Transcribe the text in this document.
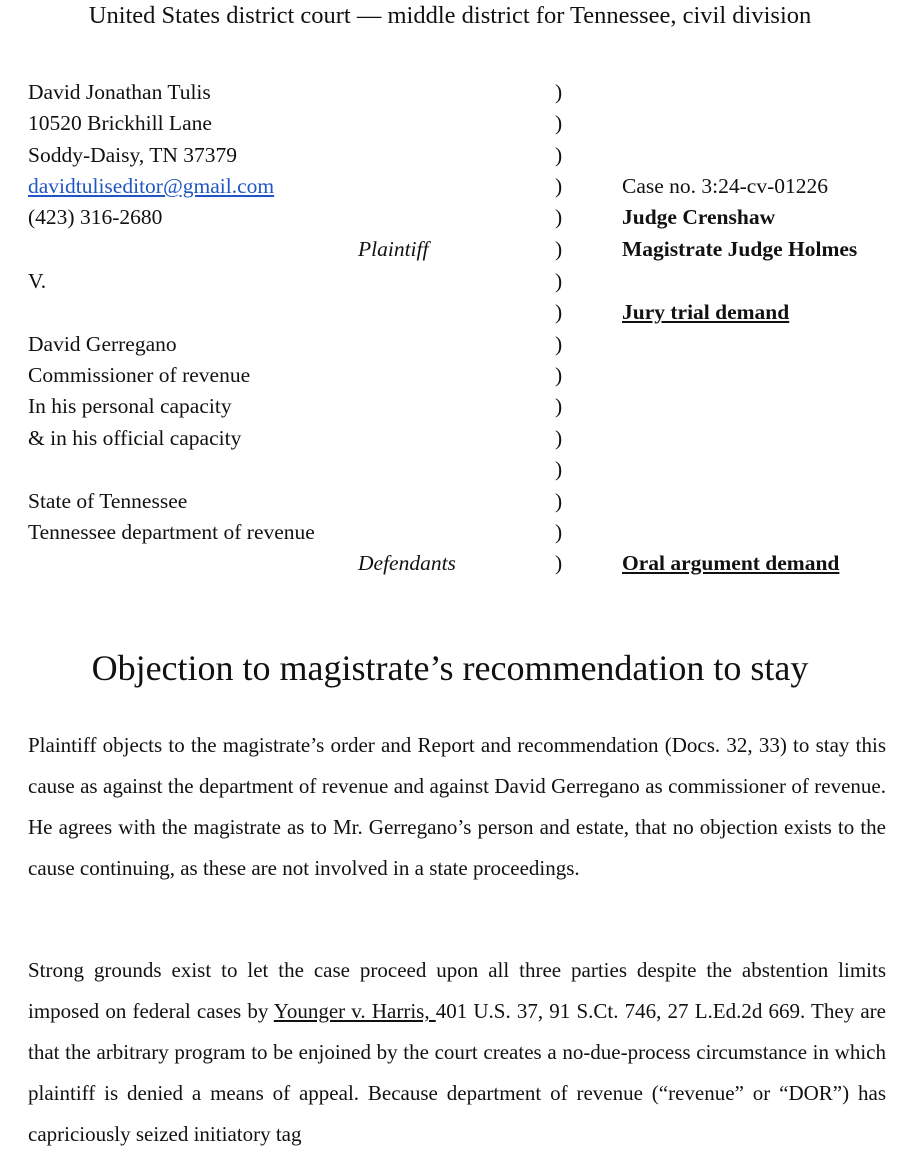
United States district court — middle district for Tennessee, civil division
David Jonathan Tulis
10520 Brickhill Lane
Soddy-Daisy, TN 37379
davidtuliseditor@gmail.com
(423) 316-2680
Plaintiff
V.
David Gerregano
Commissioner of revenue
In his personal capacity
& in his official capacity
State of Tennessee
Tennessee department of revenue
Defendants
)
)
)
)
)
)
)
)
)
)
)
)
)
)
)
)
Case no. 3:24-cv-01226
Judge Crenshaw
Magistrate Judge Holmes
Jury trial demand
Oral argument demand
Objection to magistrate’s recommendation to stay

Plaintiff objects to the magistrate’s order and Report and recommendation (Docs. 32, 33) to stay this cause as against the department of revenue and against David Gerregano as commissioner of revenue. He agrees with the magistrate as to Mr. Gerregano’s person and estate, that no objection exists to the cause continuing, as these are not involved in a state proceedings.

Strong grounds exist to let the case proceed upon all three parties despite the abstention limits imposed on federal cases by Younger v. Harris, 401 U.S. 37, 91 S.Ct. 746, 27 L.Ed.2d 669. They are that the arbitrary program to be enjoined by the court creates a no-due-process circumstance in which plaintiff is denied a means of appeal. Because department of revenue (“revenue” or “DOR”) has capriciously seized initiatory tag
